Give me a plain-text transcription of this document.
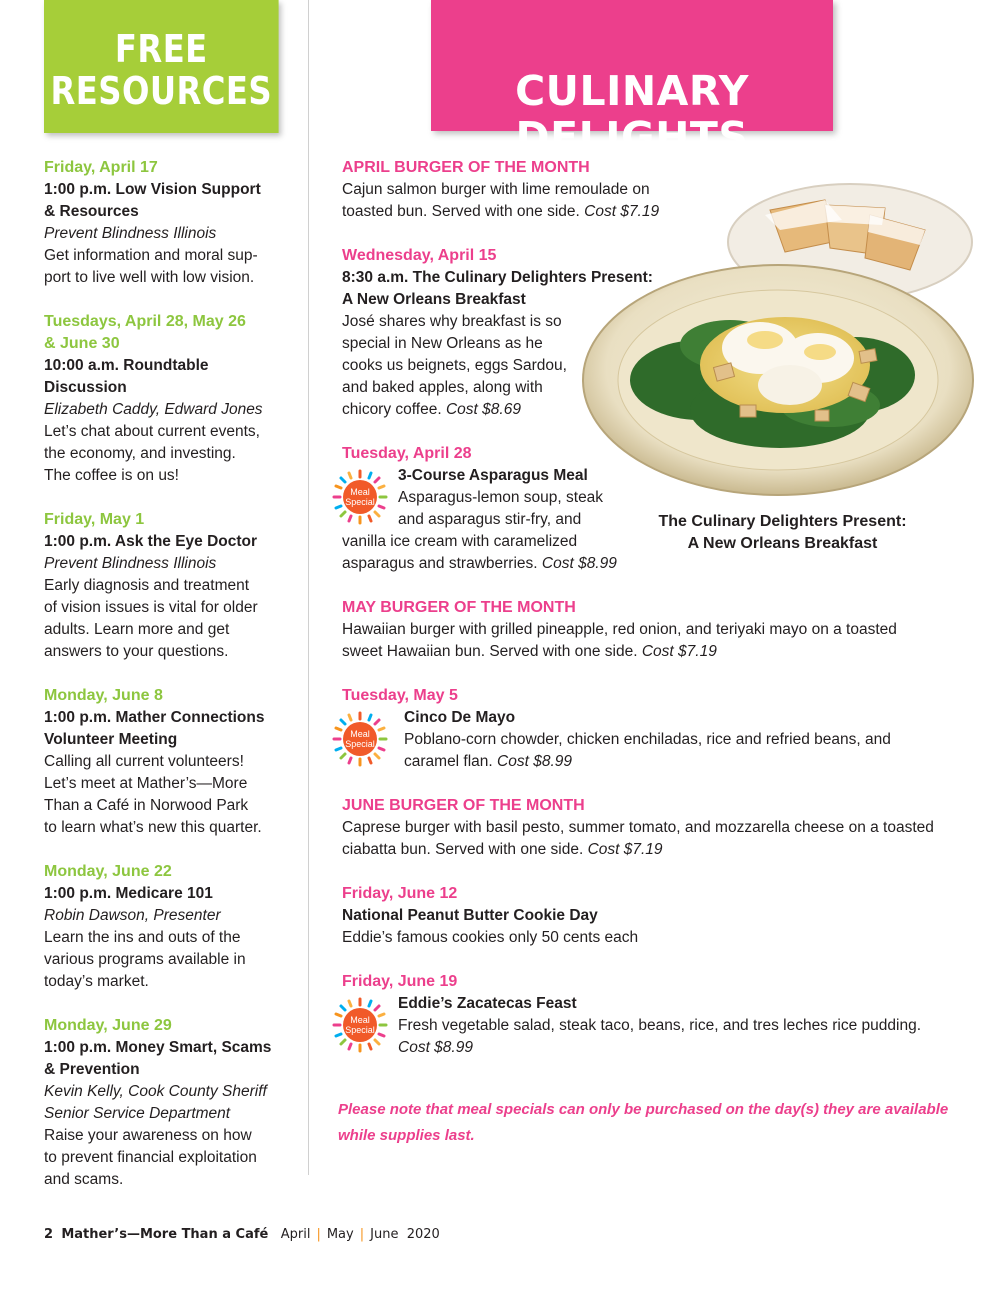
FREE
RESOURCES	CULINARY DELIGHTS
Friday, April 17
1:00 p.m. Low Vision Support
& Resources
Prevent Blindness Illinois
Get information and moral sup-
port to live well with low vision.
Tuesdays, April 28, May 26
& June 30
10:00 a.m. Roundtable Discussion
Elizabeth Caddy, Edward Jones
Let’s chat about current events,
the economy, and investing.
The coffee is on us!
Friday, May 1
1:00 p.m. Ask the Eye Doctor
Prevent Blindness Illinois
Early diagnosis and treatment
of vision issues is vital for older
adults. Learn more and get
answers to your questions.
Monday, June 8
1:00 p.m. Mather Connections
Volunteer Meeting
Calling all current volunteers!
Let’s meet at Mather’s—More
Than a Café in Norwood Park
to learn what’s new this quarter.
Monday, June 22
1:00 p.m. Medicare 101
Robin Dawson, Presenter
Learn the ins and outs of the
various programs available in
today’s market.
Monday, June 29
1:00 p.m. Money Smart, Scams
& Prevention
Kevin Kelly, Cook County Sheriff
Senior Service Department
Raise your awareness on how
to prevent financial exploitation
and scams.
The Culinary Delighters Present:
A New Orleans Breakfast
APRIL BURGER OF THE MONTH
Cajun salmon burger with lime remoulade on
toasted bun. Served with one side. Cost $7.19
Wednesday, April 15
8:30 a.m. The Culinary Delighters Present:
A New Orleans Breakfast
José shares why breakfast is so
special in New Orleans as he
cooks us beignets, eggs Sardou,
and baked apples, along with
chicory coffee. Cost $8.69
Tuesday, April 28
Meal
Special
3-Course Asparagus Meal
Asparagus-lemon soup, steak
and asparagus stir-fry, and
vanilla ice cream with caramelized
asparagus and strawberries. Cost $8.99
MAY BURGER OF THE MONTH
Hawaiian burger with grilled pineapple, red onion, and teriyaki mayo on a toasted
sweet Hawaiian bun. Served with one side. Cost $7.19
Tuesday, May 5
Meal
Special
Cinco De Mayo
Poblano-corn chowder, chicken enchiladas, rice and refried beans, and
caramel flan. Cost $8.99
JUNE BURGER OF THE MONTH
Caprese burger with basil pesto, summer tomato, and mozzarella cheese on a toasted
ciabatta bun. Served with one side. Cost $7.19
Friday, June 12
National Peanut Butter Cookie Day
Eddie’s famous cookies only 50 cents each
Friday, June 19
Meal
Special
Eddie’s Zacatecas Feast
Fresh vegetable salad, steak taco, beans, rice, and tres leches rice pudding.
Cost $8.99
Please note that meal specials can only be purchased on the day(s) they are available
while supplies last.
2 Mather’s—More Than a Café April | May | June 2020
